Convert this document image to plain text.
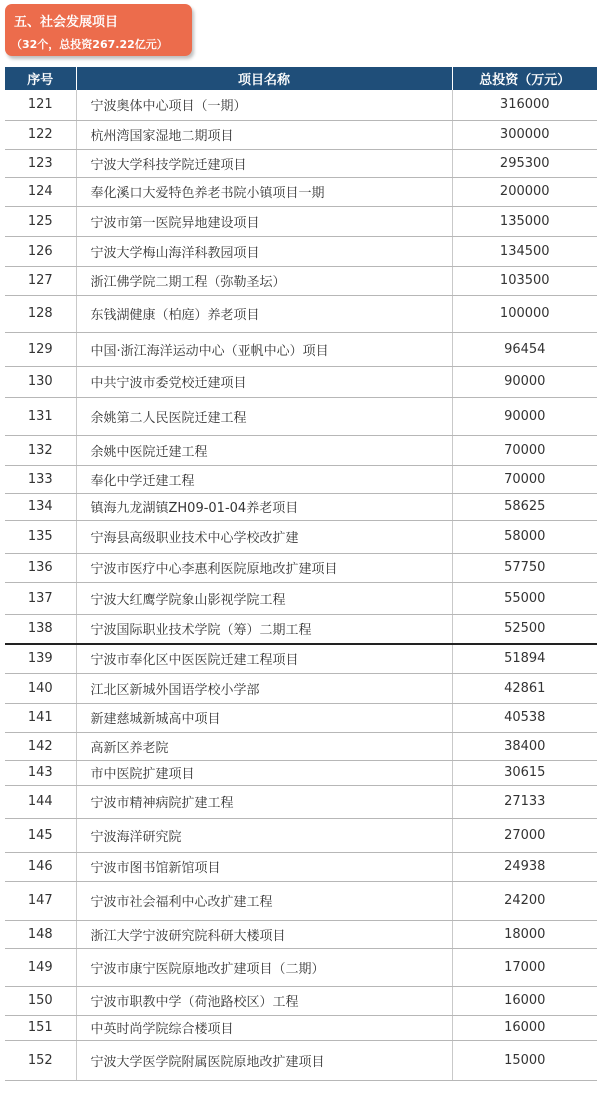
五、社会发展项目
（32个，总投资267.22亿元）
序号	项目名称	总投资（万元）
121	宁波奥体中心项目（一期）	316000
122	杭州湾国家湿地二期项目	300000
123	宁波大学科技学院迁建项目	295300
124	奉化溪口大爱特色养老书院小镇项目一期	200000
125	宁波市第一医院异地建设项目	135000
126	宁波大学梅山海洋科教园项目	134500
127	浙江佛学院二期工程（弥勒圣坛）	103500
128	东钱湖健康（柏庭）养老项目	100000
129	中国·浙江海洋运动中心（亚帆中心）项目	96454
130	中共宁波市委党校迁建项目	90000
131	余姚第二人民医院迁建工程	90000
132	余姚中医院迁建工程	70000
133	奉化中学迁建工程	70000
134	镇海九龙湖镇ZH09-01-04养老项目	58625
135	宁海县高级职业技术中心学校改扩建	58000
136	宁波市医疗中心李惠利医院原地改扩建项目	57750
137	宁波大红鹰学院象山影视学院工程	55000
138	宁波国际职业技术学院（筹）二期工程	52500
139	宁波市奉化区中医医院迁建工程项目	51894
140	江北区新城外国语学校小学部	42861
141	新建慈城新城高中项目	40538
142	高新区养老院	38400
143	市中医院扩建项目	30615
144	宁波市精神病院扩建工程	27133
145	宁波海洋研究院	27000
146	宁波市图书馆新馆项目	24938
147	宁波市社会福利中心改扩建工程	24200
148	浙江大学宁波研究院科研大楼项目	18000
149	宁波市康宁医院原地改扩建项目（二期）	17000
150	宁波市职教中学（荷池路校区）工程	16000
151	中英时尚学院综合楼项目	16000
152	宁波大学医学院附属医院原地改扩建项目	15000
